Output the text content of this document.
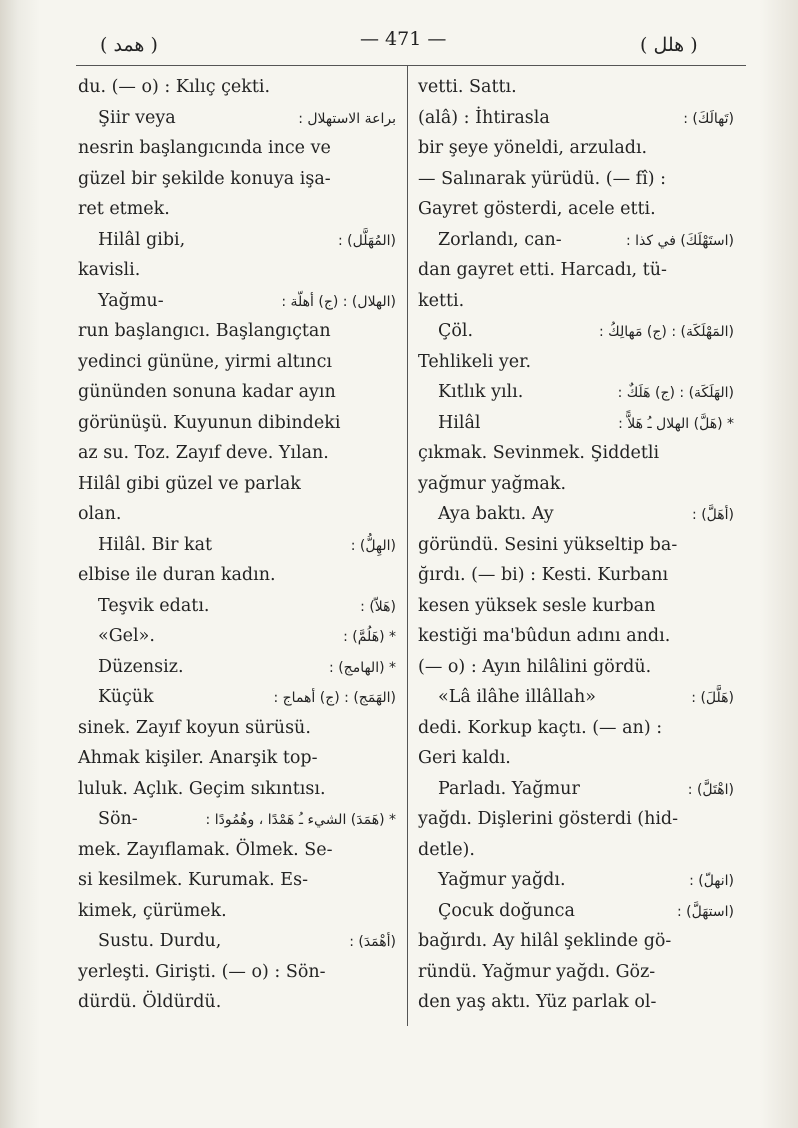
( همد )	— 471 —	( هلل )
du. (— o) : Kılıç çekti.
Şiir veya	براعة الاستهلال :
nesrin başlangıcında ince ve
güzel bir şekilde konuya işa-
ret etmek.
Hilâl gibi,	(المُهَلَّل) :
kavisli.
Yağmu-	(الهلال) : (ج) أهلّة :
run başlangıcı. Başlangıçtan
yedinci gününe, yirmi altıncı
gününden sonuna kadar ayın
görünüşü. Kuyunun dibindeki
az su. Toz. Zayıf deve. Yılan.
Hilâl gibi güzel ve parlak
olan.
Hilâl. Bir kat	(الهِلُّ) :
elbise ile duran kadın.
Teşvik edatı.	(هَلاّ) :
«Gel».	* (هَلُمَّ) :
Düzensiz.	* (الهامج) :
Küçük	(الهَمَج) : (ج) أهماج :
sinek. Zayıf koyun sürüsü.
Ahmak kişiler. Anarşik top-
luluk. Açlık. Geçim sıkıntısı.
Sön-	* (هَمَدَ) الشيء ـُ هَمْدًا ، وهُمُودًا :
mek. Zayıflamak. Ölmek. Se-
si kesilmek. Kurumak. Es-
kimek, çürümek.
Sustu. Durdu,	(أهْمَدَ) :
yerleşti. Girişti. (— o) : Sön-
dürdü. Öldürdü.
vetti. Sattı.
(alâ) : İhtirasla	(تَهالَكَ) :
bir şeye yöneldi, arzuladı.
— Salınarak yürüdü. (— fî) :
Gayret gösterdi, acele etti.
Zorlandı, can-	(استَهْلَكَ) في كذا :
dan gayret etti. Harcadı, tü-
ketti.
Çöl.	(المَهْلَكَة) : (ج) مَهالِكُ :
Tehlikeli yer.
Kıtlık yılı.	(الهَلَكَة) : (ج) هَلَكٌ :
Hilâl	* (هَلَّ) الهلال ـُ هَلاًّ :
çıkmak. Sevinmek. Şiddetli
yağmur yağmak.
Aya baktı. Ay	(أهَلَّ) :
göründü. Sesini yükseltip ba-
ğırdı. (— bi) : Kesti. Kurbanı
kesen yüksek sesle kurban
kestiği ma'bûdun adını andı.
(— o) : Ayın hilâlini gördü.
«Lâ ilâhe illâllah»	(هَلَّلَ) :
dedi. Korkup kaçtı. (— an) :
Geri kaldı.
Parladı. Yağmur	(اهْتَلَّ) :
yağdı. Dişlerini gösterdi (hid-
detle).
Yağmur yağdı.	(انهلّ) :
Çocuk doğunca	(استهَلَّ) :
bağırdı. Ay hilâl şeklinde gö-
ründü. Yağmur yağdı. Göz-
den yaş aktı. Yüz parlak ol-
